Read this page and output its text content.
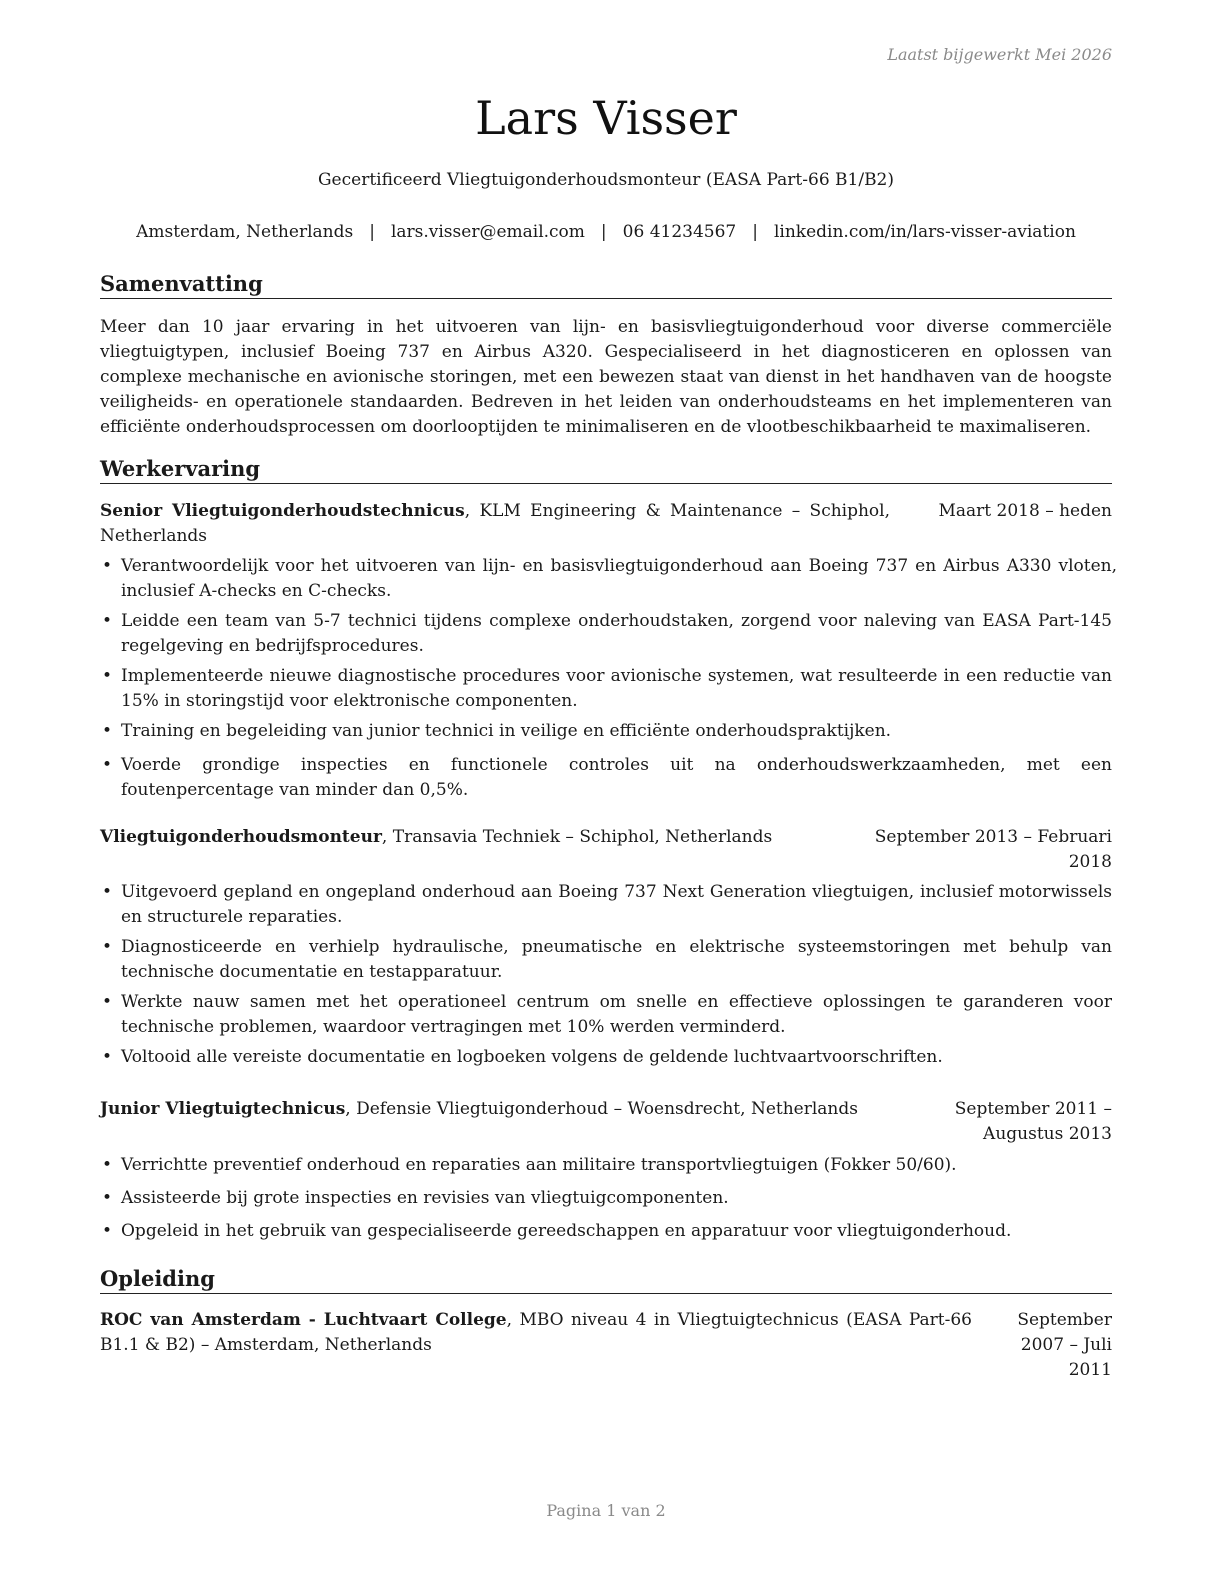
Laatst bijgewerkt Mei 2026
Lars Visser
Gecertificeerd Vliegtuigonderhoudsmonteur (EASA Part-66 B1/B2)
Amsterdam, Netherlands | lars.visser@email.com | 06 41234567 | linkedin.com/in/lars-visser-aviation
Samenvatting
Meer dan 10 jaar ervaring in het uitvoeren van lijn- en basisvliegtuigonderhoud voor diverse commerciële vliegtuigtypen, inclusief Boeing 737 en Airbus A320. Gespecialiseerd in het diagnosticeren en oplossen van complexe mechanische en avionische storingen, met een bewezen staat van dienst in het handhaven van de hoogste veiligheids- en operationele standaarden. Bedreven in het leiden van onderhoudsteams en het implementeren van efficiënte onderhoudsprocessen om doorlooptijden te minimaliseren en de vlootbeschikbaarheid te maximaliseren.
Werkervaring
Senior Vliegtuigonderhoudstechnicus, KLM Engineering & Maintenance – Schiphol, Netherlands
Maart 2018 – heden
• Verantwoordelijk voor het uitvoeren van lijn- en basisvliegtuigonderhoud aan Boeing 737 en Airbus A330 vloten, inclusief A-checks en C-checks.
• Leidde een team van 5-7 technici tijdens complexe onderhoudstaken, zorgend voor naleving van EASA Part-145 regelgeving en bedrijfsprocedures.
• Implementeerde nieuwe diagnostische procedures voor avionische systemen, wat resulteerde in een reductie van 15% in storingstijd voor elektronische componenten.
• Training en begeleiding van junior technici in veilige en efficiënte onderhoudspraktijken.
• Voerde grondige inspecties en functionele controles uit na onderhoudswerkzaamheden, met een foutenpercentage van minder dan 0,5%.
Vliegtuigonderhoudsmonteur, Transavia Techniek – Schiphol, Netherlands	September 2013 – Februari 2018
• Uitgevoerd gepland en ongepland onderhoud aan Boeing 737 Next Generation vliegtuigen, inclusief motorwissels en structurele reparaties.
• Diagnosticeerde en verhielp hydraulische, pneumatische en elektrische systeemstoringen met behulp van technische documentatie en testapparatuur.
• Werkte nauw samen met het operationeel centrum om snelle en effectieve oplossingen te garanderen voor technische problemen, waardoor vertragingen met 10% werden verminderd.
• Voltooid alle vereiste documentatie en logboeken volgens de geldende luchtvaartvoorschriften.
Junior Vliegtuigtechnicus, Defensie Vliegtuigonderhoud – Woensdrecht, Netherlands	September 2011 – Augustus 2013
• Verrichtte preventief onderhoud en reparaties aan militaire transportvliegtuigen (Fokker 50/60).
• Assisteerde bij grote inspecties en revisies van vliegtuigcomponenten.
• Opgeleid in het gebruik van gespecialiseerde gereedschappen en apparatuur voor vliegtuigonderhoud.
Opleiding
ROC van Amsterdam - Luchtvaart College, MBO niveau 4 in Vliegtuigtechnicus (EASA Part-66 B1.1 & B2) – Amsterdam, Netherlands
September 2007 – Juli 2011
Pagina 1 van 2
